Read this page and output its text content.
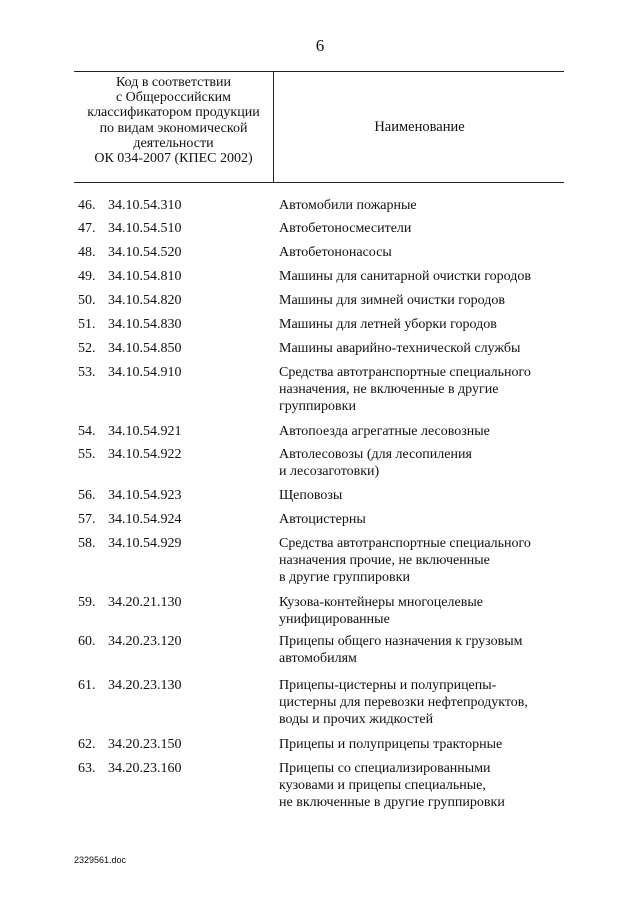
6
Код в соответствии
с Общероссийским
классификатором продукции
по видам экономической
деятельности
ОК 034-2007 (КПЕС 2002)
Наименование
46. 34.10.54.310	Автомобили пожарные
47. 34.10.54.510	Автобетоносмесители
48. 34.10.54.520	Автобетононасосы
49. 34.10.54.810	Машины для санитарной очистки городов
50. 34.10.54.820	Машины для зимней очистки городов
51. 34.10.54.830	Машины для летней уборки городов
52. 34.10.54.850	Машины аварийно-технической службы
53. 34.10.54.910	Средства автотранспортные специального
назначения, не включенные в другие
группировки
54. 34.10.54.921	Автопоезда агрегатные лесовозные
55. 34.10.54.922	Автолесовозы (для лесопиления
и лесозаготовки)
56. 34.10.54.923	Щеповозы
57. 34.10.54.924	Автоцистерны
58. 34.10.54.929	Средства автотранспортные специального
назначения прочие, не включенные
в другие группировки
59. 34.20.21.130	Кузова-контейнеры многоцелевые
унифицированные
60. 34.20.23.120	Прицепы общего назначения к грузовым
автомобилям
61. 34.20.23.130	Прицепы-цистерны и полуприцепы-
цистерны для перевозки нефтепродуктов,
воды и прочих жидкостей
62. 34.20.23.150	Прицепы и полуприцепы тракторные
63. 34.20.23.160	Прицепы со специализированными
кузовами и прицепы специальные,
не включенные в другие группировки
2329561.doc
